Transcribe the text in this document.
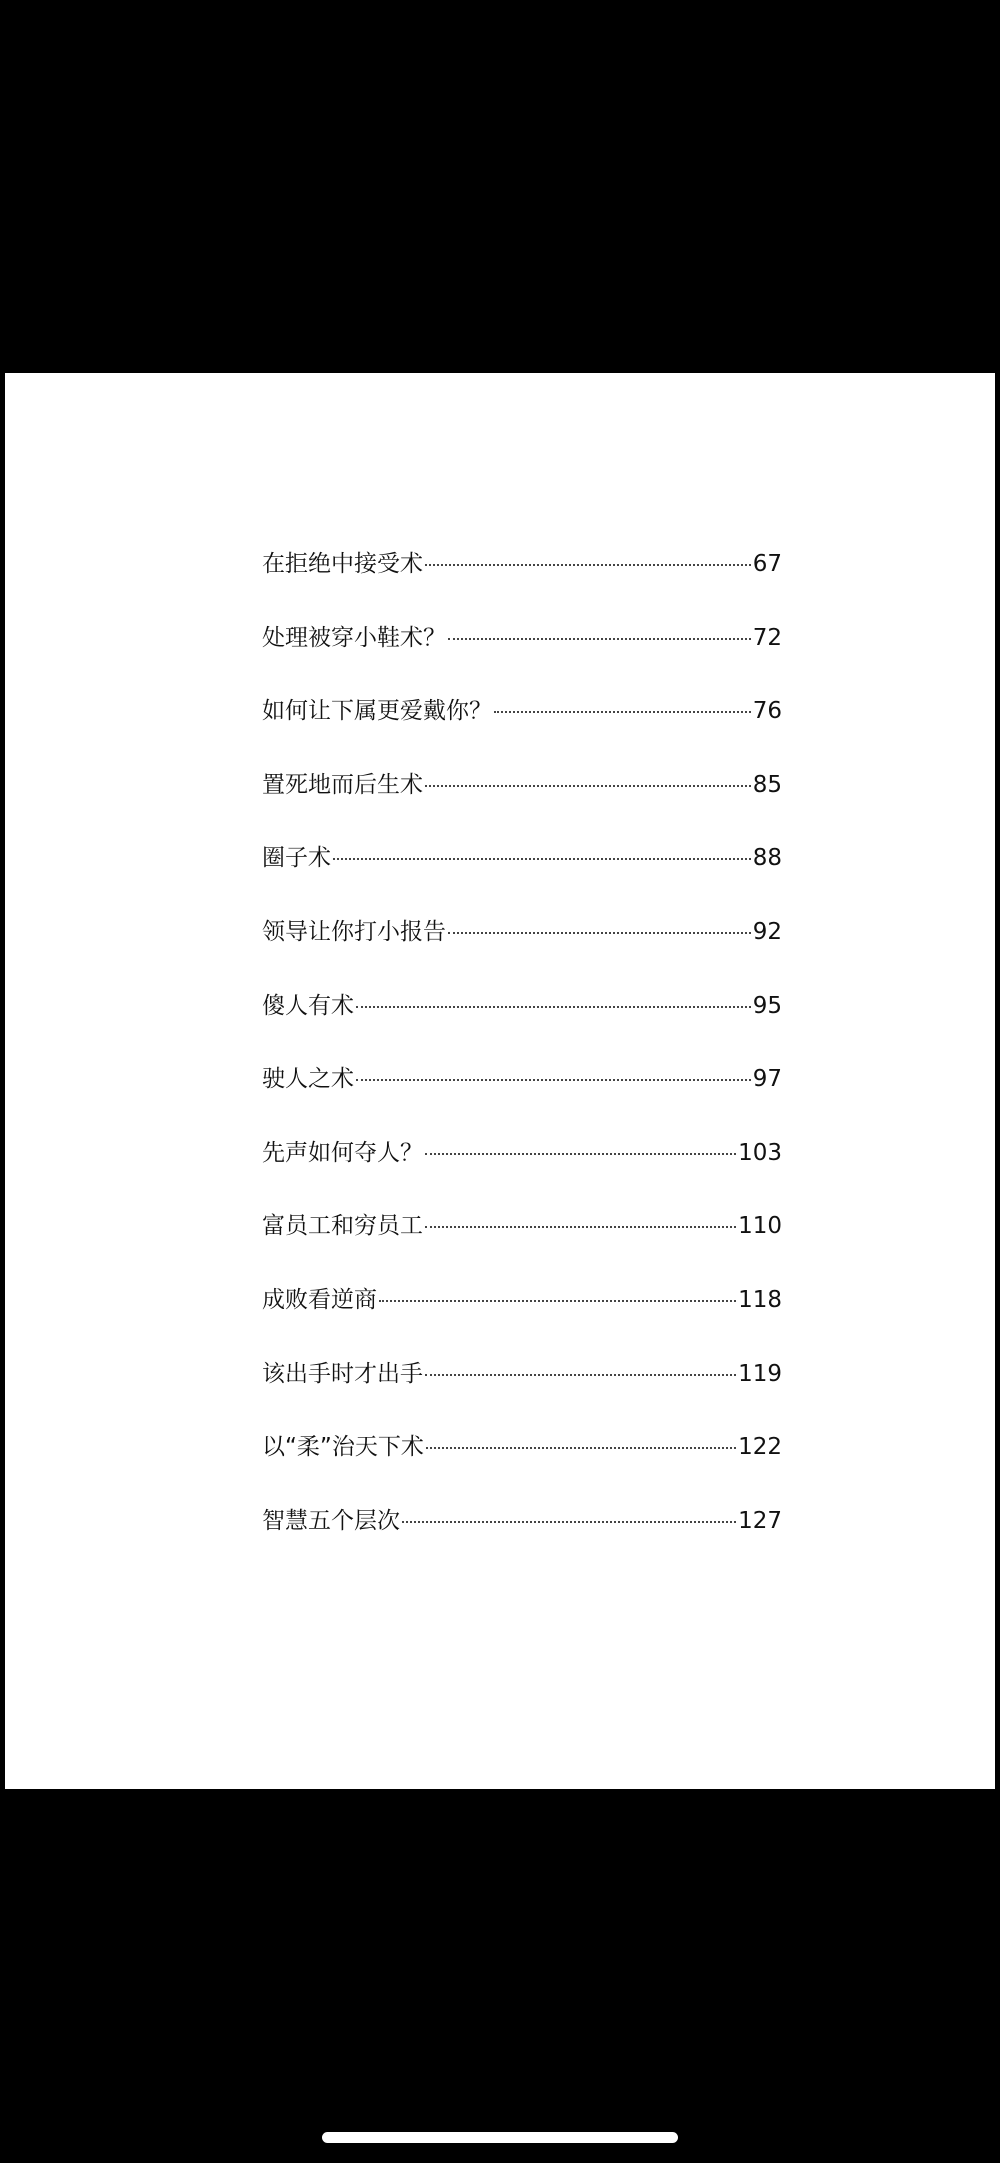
在拒绝中接受术	67
处理被穿小鞋术？	72
如何让下属更爱戴你？	76
置死地而后生术	85
圈子术	88
领导让你打小报告	92
傻人有术	95
驶人之术	97
先声如何夺人？	103
富员工和穷员工	110
成败看逆商	118
该出手时才出手	119
以“柔”治天下术	122
智慧五个层次	127
